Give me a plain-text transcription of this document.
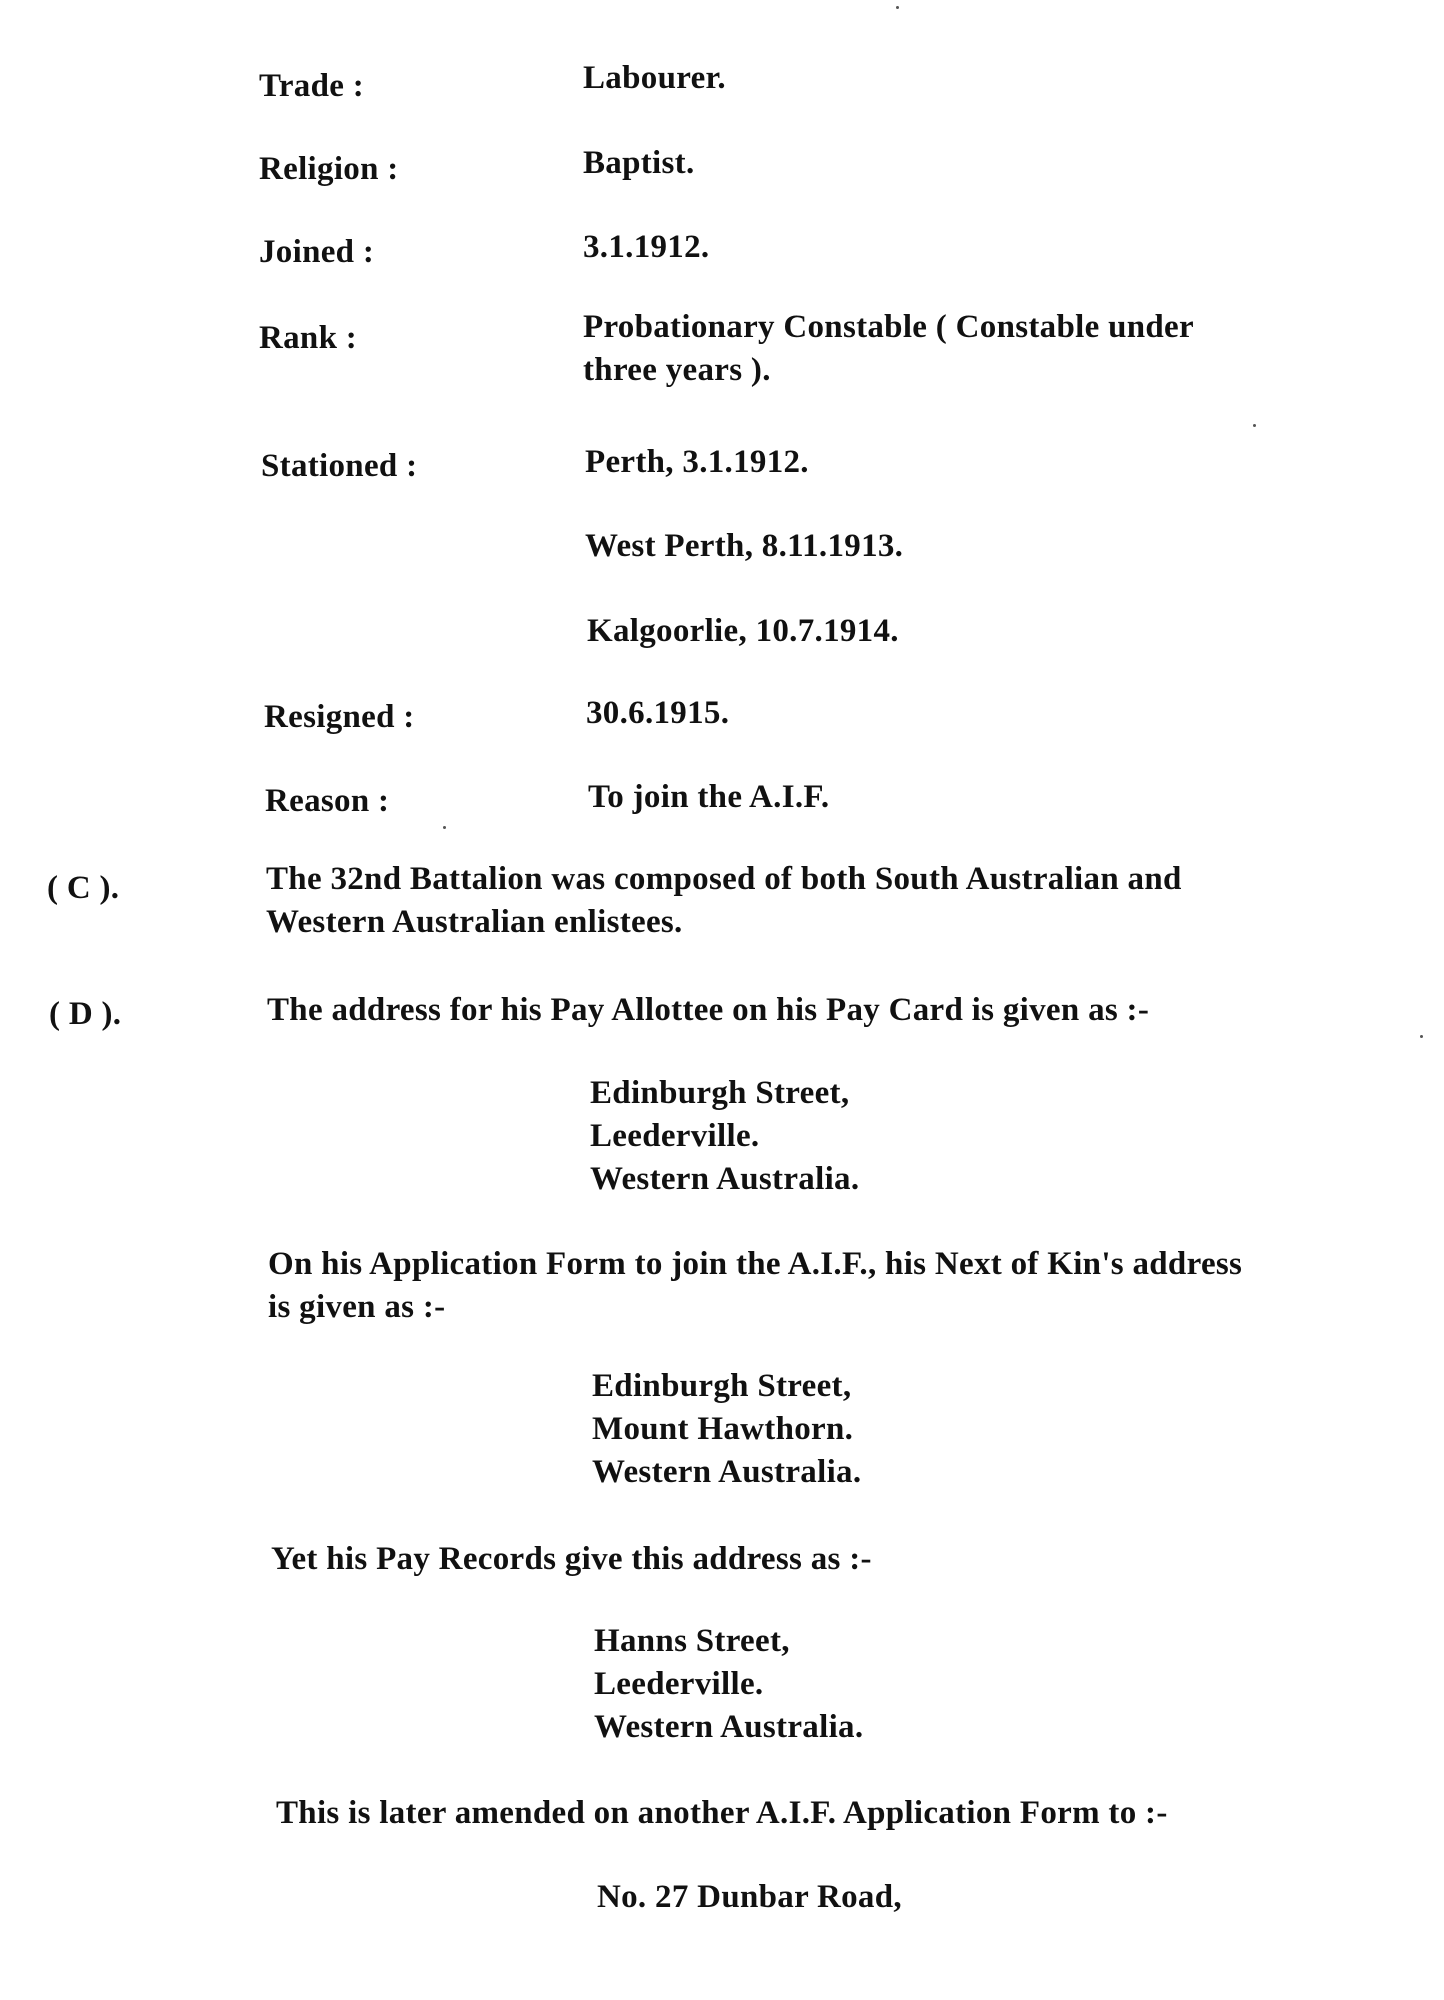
Trade :	Labourer.
Religion :	Baptist.
Joined :	3.1.1912.
Rank :	Probationary Constable ( Constable under
three years ).
Stationed :	Perth, 3.1.1912.
West Perth, 8.11.1913.
Kalgoorlie, 10.7.1914.
Resigned :	30.6.1915.
Reason :	To join the A.I.F.
( C ).	The 32nd Battalion was composed of both South Australian and
Western Australian enlistees.
( D ).	The address for his Pay Allottee on his Pay Card is given as :-
Edinburgh Street,
Leederville.
Western Australia.
On his Application Form to join the A.I.F., his Next of Kin's address
is given as :-
Edinburgh Street,
Mount Hawthorn.
Western Australia.
Yet his Pay Records give this address as :-
Hanns Street,
Leederville.
Western Australia.
This is later amended on another A.I.F. Application Form to :-
No. 27 Dunbar Road,
